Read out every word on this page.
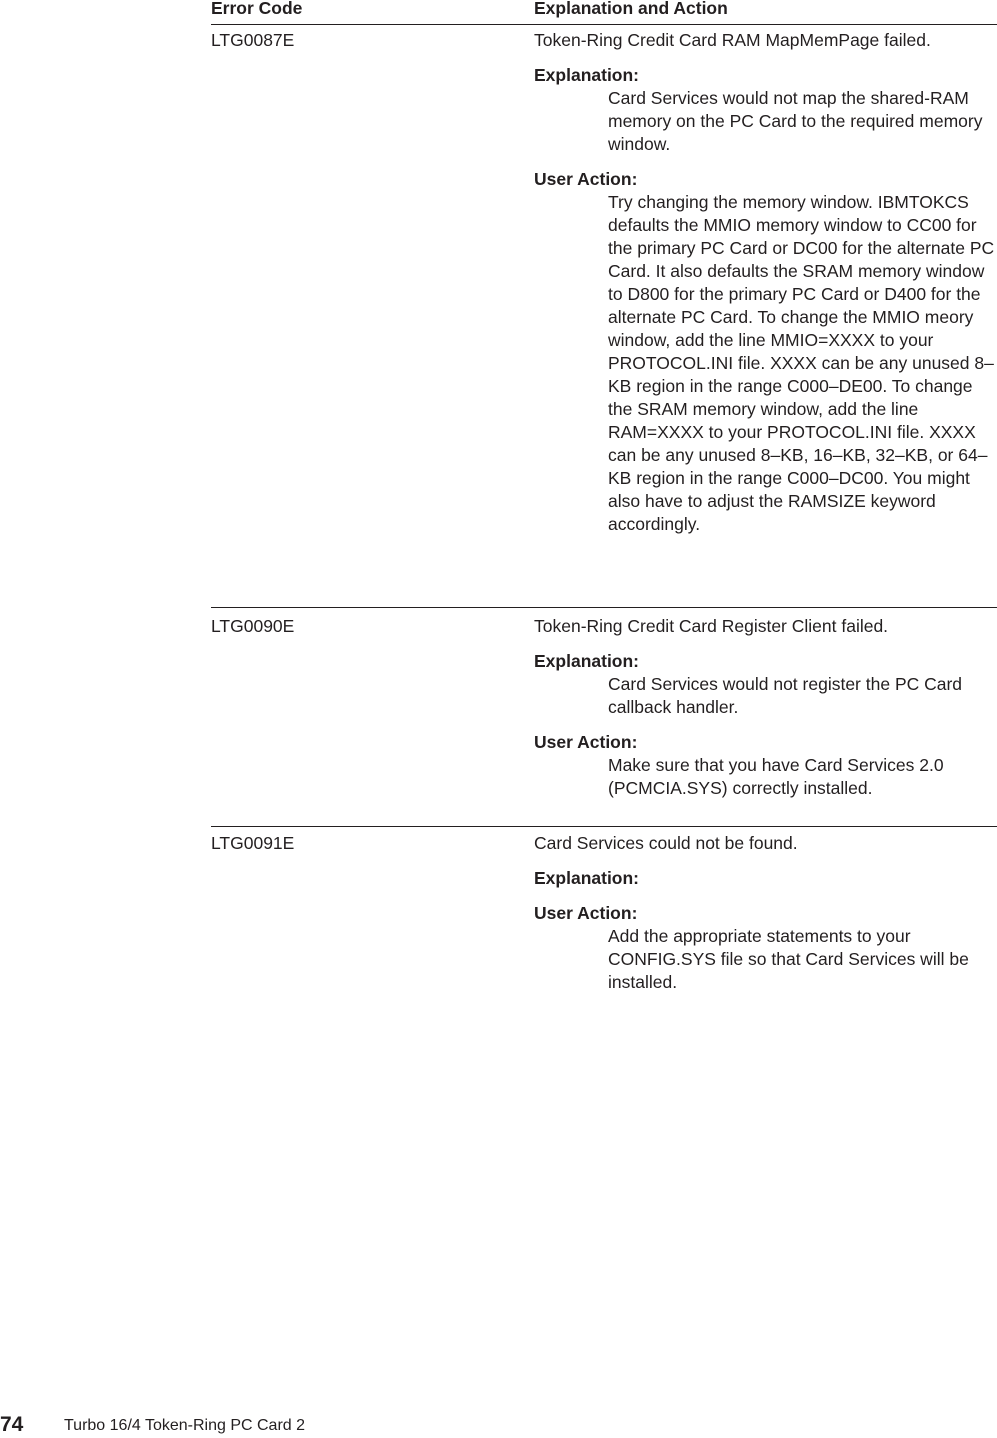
Error Code	Explanation and Action
LTG0087E	Token-Ring Credit Card RAM MapMemPage failed.

Explanation:
Card Services would not map the shared-RAM memory on the PC Card to the required memory window.
User Action:
Try changing the memory window. IBMTOKCS defaults the MMIO memory window to CC00 for the primary PC Card or DC00 for the alternate PC Card. It also defaults the SRAM memory window to D800 for the primary PC Card or D400 for the alternate PC Card. To change the MMIO meory window, add the line MMIO=XXXX to your PROTOCOL.INI file. XXXX can be any unused 8–KB region in the range C000–DE00. To change the SRAM memory window, add the line RAM=XXXX to your PROTOCOL.INI file. XXXX can be any unused 8–KB, 16–KB, 32–KB, or 64–KB region in the range C000–DC00. You might also have to adjust the RAMSIZE keyword accordingly.
LTG0090E	Token-Ring Credit Card Register Client failed.

Explanation:
Card Services would not register the PC Card callback handler.
User Action:
Make sure that you have Card Services 2.0 (PCMCIA.SYS) correctly installed.
LTG0091E	Card Services could not be found.

Explanation:
User Action:
Add the appropriate statements to your CONFIG.SYS file so that Card Services will be installed.
74	Turbo 16/4 Token-Ring PC Card 2
